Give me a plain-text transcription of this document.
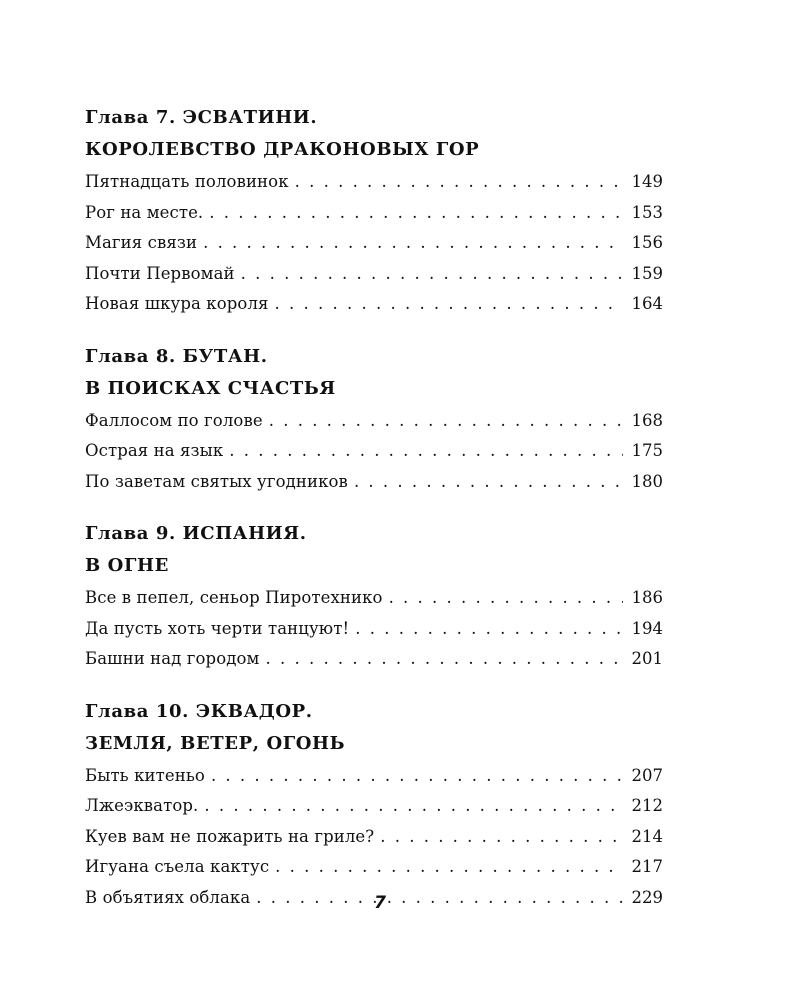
Глава 7. ЭСВАТИНИ.
КОРОЛЕВСТВО ДРАКОНОВЫХ ГОР
Пятнадцать половинок . . .	149
Рог на месте. . . .	153
Магия связи . . .	156
Почти Первомай . . .	159
Новая шкура короля . . .	164
Глава 8. БУТАН.
В ПОИСКАХ СЧАСТЬЯ
Фаллосом по голове . . .	168
Острая на язык . . .	175
По заветам святых угодников . . .	180
Глава 9. ИСПАНИЯ.
В ОГНЕ
Все в пепел, сеньор Пиротехнико . . .	186
Да пусть хоть черти танцуют! . . .	194
Башни над городом . . .	201
Глава 10. ЭКВАДОР.
ЗЕМЛЯ, ВЕТЕР, ОГОНЬ
Быть китеньо . . .	207
Лжеэкватор. . . .	212
Куев вам не пожарить на гриле? . . .	214
Игуана съела кактус . . .	217
В объятиях облака . . .	229
7
